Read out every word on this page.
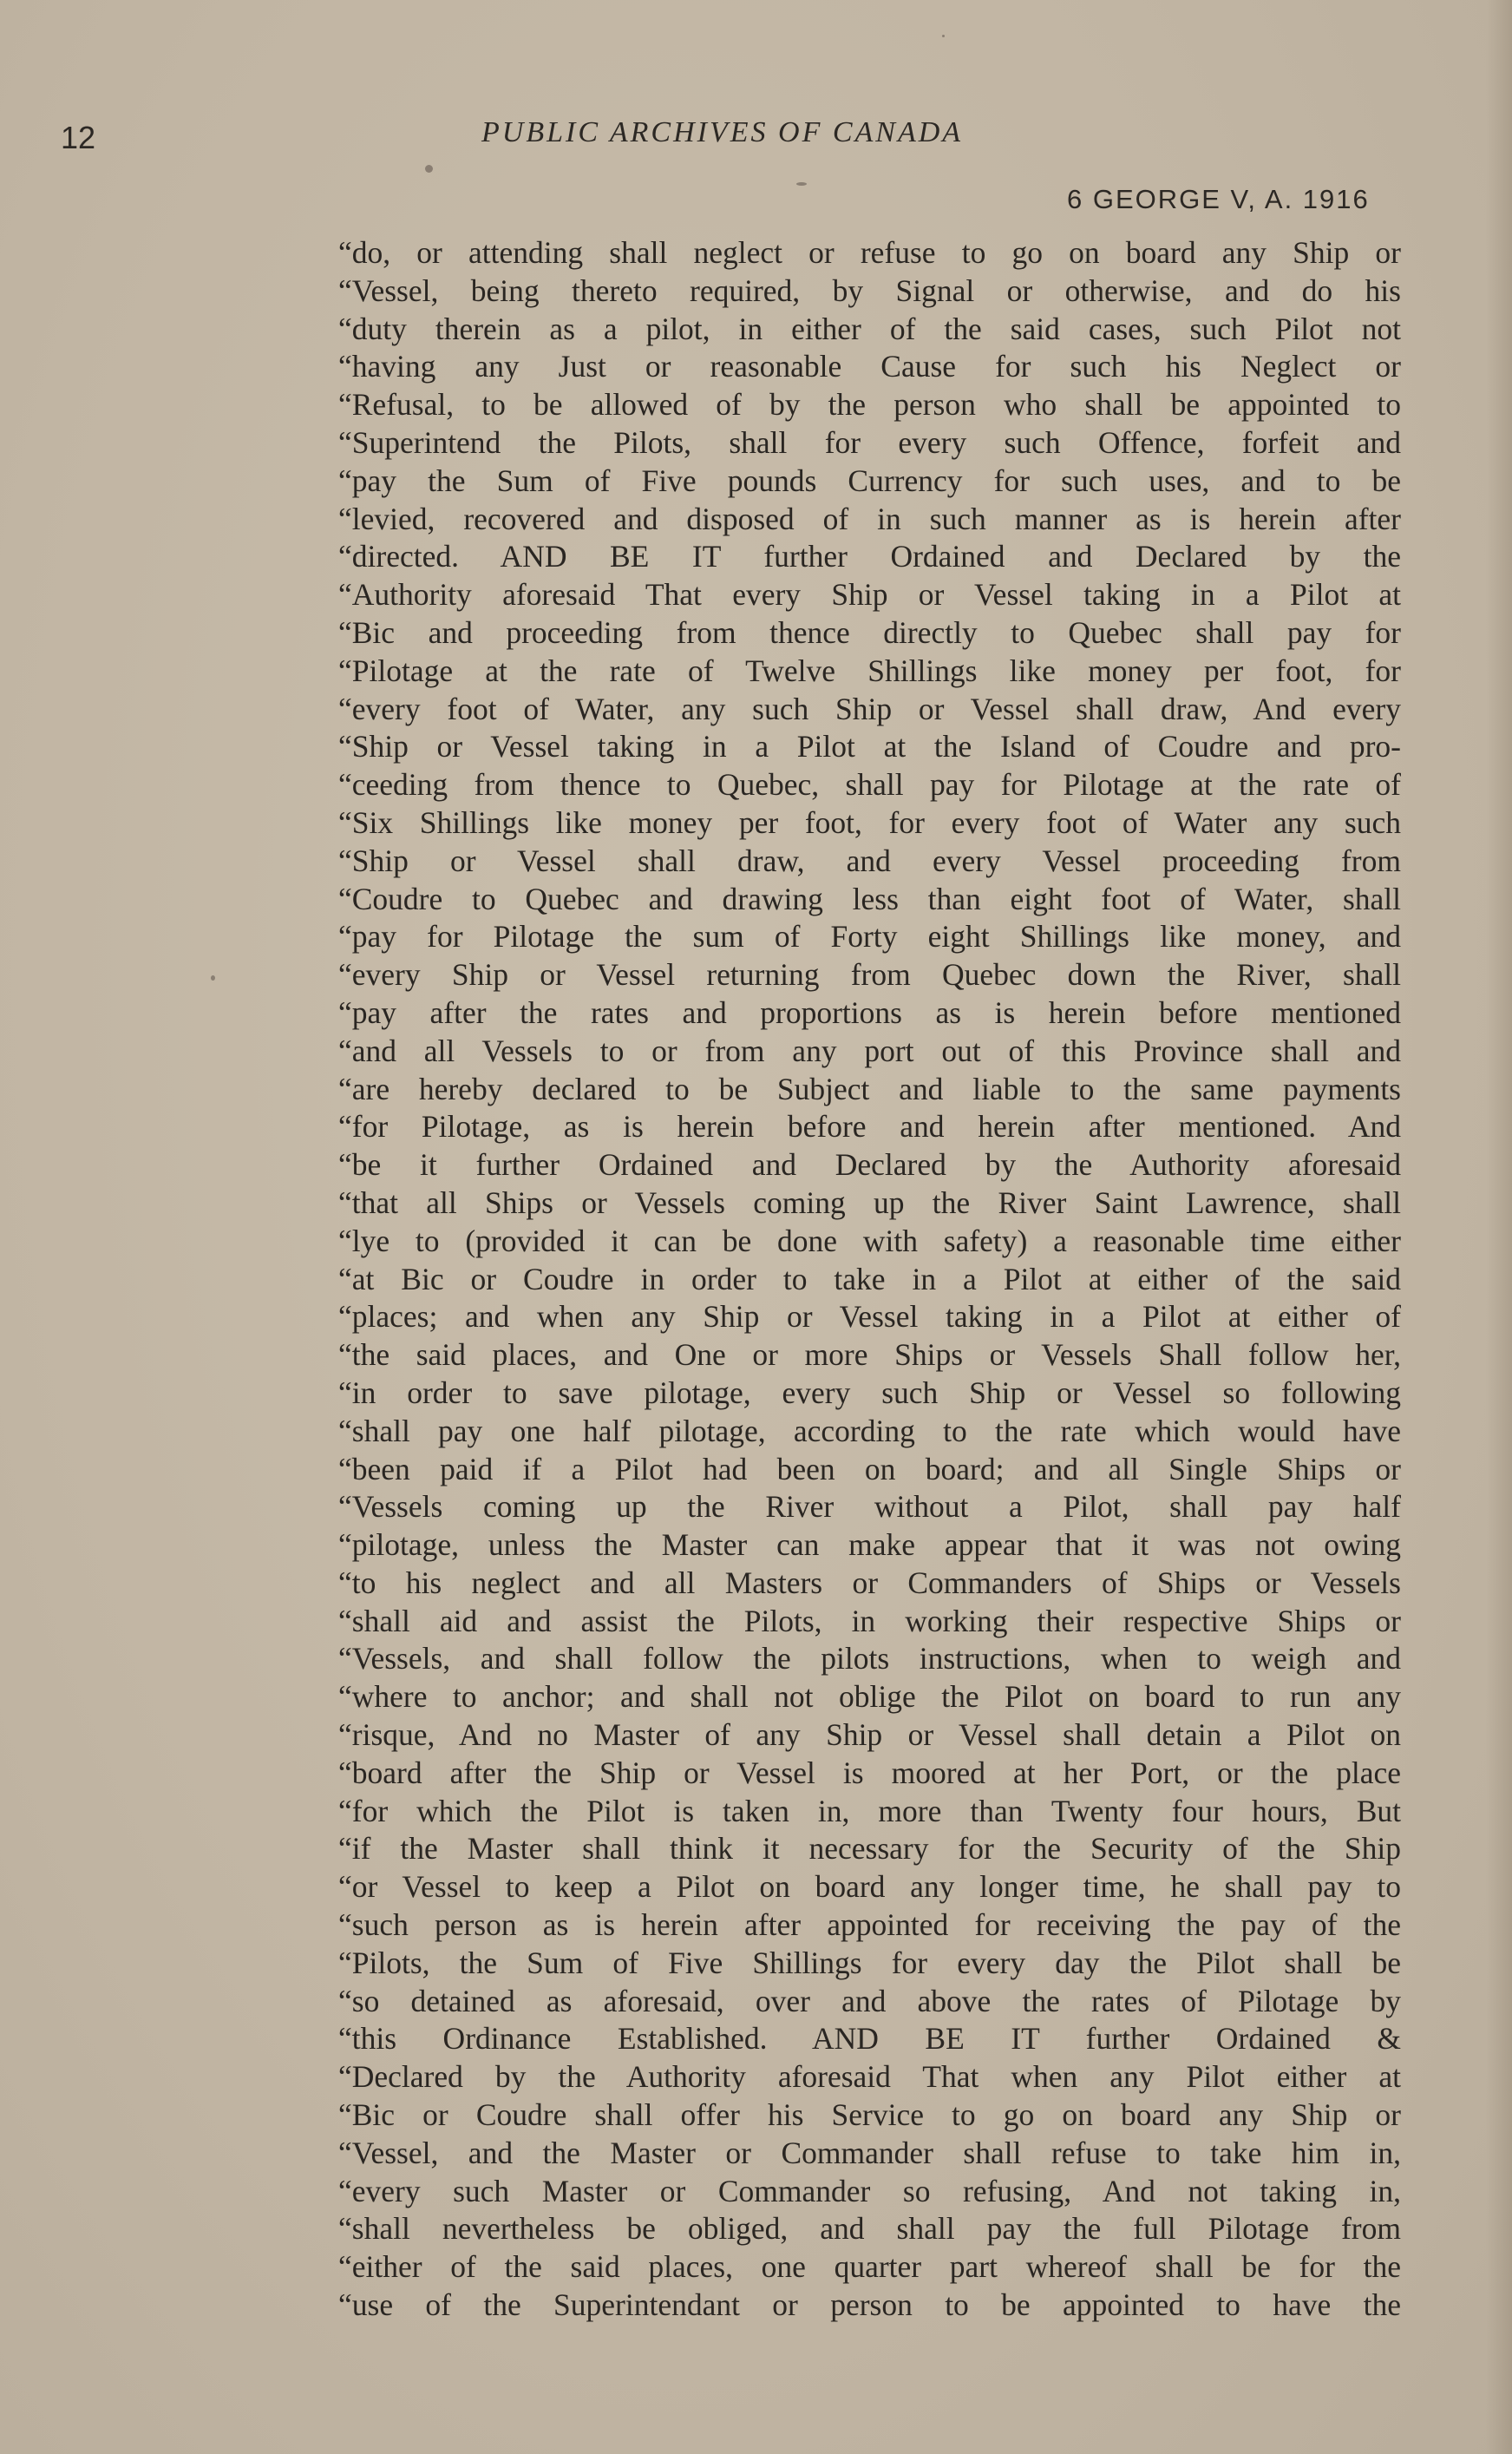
12	PUBLIC ARCHIVES OF CANADA
6 GEORGE V, A. 1916
“do, or attending shall neglect or refuse to go on board any Ship or
“Vessel, being thereto required, by Signal or otherwise, and do his
“duty therein as a pilot, in either of the said cases, such Pilot not
“having any Just or reasonable Cause for such his Neglect or
“Refusal, to be allowed of by the person who shall be appointed to
“Superintend the Pilots, shall for every such Offence, forfeit and
“pay the Sum of Five pounds Currency for such uses, and to be
“levied, recovered and disposed of in such manner as is herein after
“directed. AND BE IT further Ordained and Declared by the
“Authority aforesaid That every Ship or Vessel taking in a Pilot at
“Bic and proceeding from thence directly to Quebec shall pay for
“Pilotage at the rate of Twelve Shillings like money per foot, for
“every foot of Water, any such Ship or Vessel shall draw, And every
“Ship or Vessel taking in a Pilot at the Island of Coudre and pro-
“ceeding from thence to Quebec, shall pay for Pilotage at the rate of
“Six Shillings like money per foot, for every foot of Water any such
“Ship or Vessel shall draw, and every Vessel proceeding from
“Coudre to Quebec and drawing less than eight foot of Water, shall
“pay for Pilotage the sum of Forty eight Shillings like money, and
“every Ship or Vessel returning from Quebec down the River, shall
“pay after the rates and proportions as is herein before mentioned
“and all Vessels to or from any port out of this Province shall and
“are hereby declared to be Subject and liable to the same payments
“for Pilotage, as is herein before and herein after mentioned. And
“be it further Ordained and Declared by the Authority aforesaid
“that all Ships or Vessels coming up the River Saint Lawrence, shall
“lye to (provided it can be done with safety) a reasonable time either
“at Bic or Coudre in order to take in a Pilot at either of the said
“places; and when any Ship or Vessel taking in a Pilot at either of
“the said places, and One or more Ships or Vessels Shall follow her,
“in order to save pilotage, every such Ship or Vessel so following
“shall pay one half pilotage, according to the rate which would have
“been paid if a Pilot had been on board; and all Single Ships or
“Vessels coming up the River without a Pilot, shall pay half
“pilotage, unless the Master can make appear that it was not owing
“to his neglect and all Masters or Commanders of Ships or Vessels
“shall aid and assist the Pilots, in working their respective Ships or
“Vessels, and shall follow the pilots instructions, when to weigh and
“where to anchor; and shall not oblige the Pilot on board to run any
“risque, And no Master of any Ship or Vessel shall detain a Pilot on
“board after the Ship or Vessel is moored at her Port, or the place
“for which the Pilot is taken in, more than Twenty four hours, But
“if the Master shall think it necessary for the Security of the Ship
“or Vessel to keep a Pilot on board any longer time, he shall pay to
“such person as is herein after appointed for receiving the pay of the
“Pilots, the Sum of Five Shillings for every day the Pilot shall be
“so detained as aforesaid, over and above the rates of Pilotage by
“this Ordinance Established. AND BE IT further Ordained &
“Declared by the Authority aforesaid That when any Pilot either at
“Bic or Coudre shall offer his Service to go on board any Ship or
“Vessel, and the Master or Commander shall refuse to take him in,
“every such Master or Commander so refusing, And not taking in,
“shall nevertheless be obliged, and shall pay the full Pilotage from
“either of the said places, one quarter part whereof shall be for the
“use of the Superintendant or person to be appointed to have the
